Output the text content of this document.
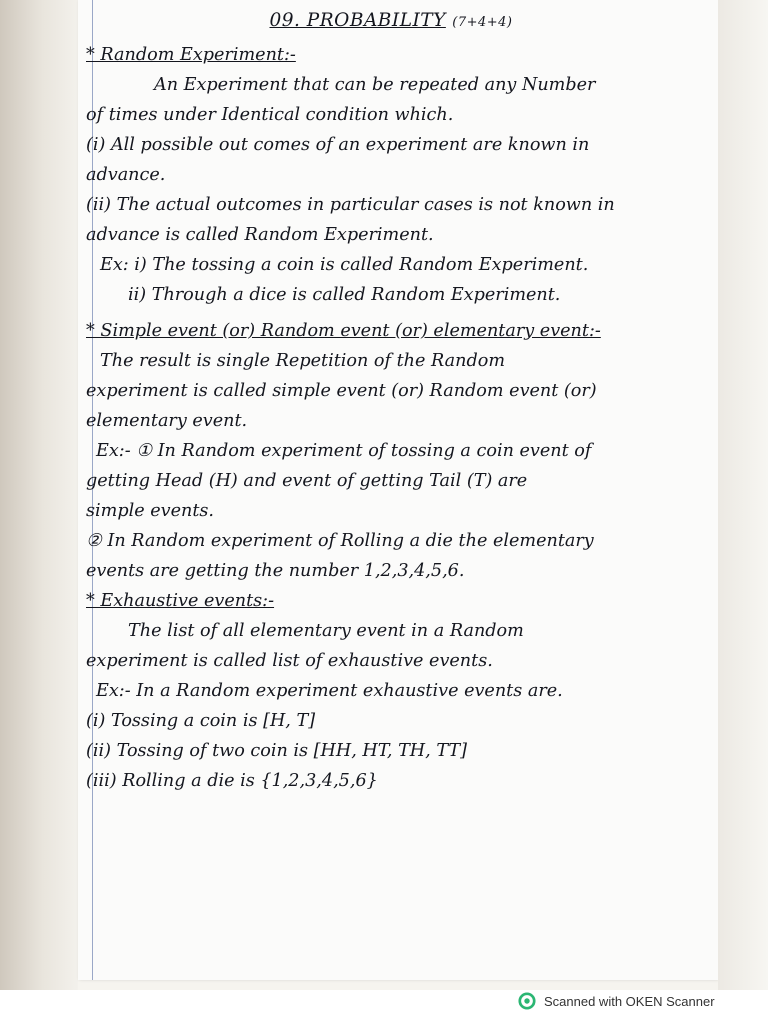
09. PROBABILITY (7+4+4)
* Random Experiment:-
An Experiment that can be repeated any Number
of times under Identical condition which.
(i) All possible out comes of an experiment are known in
advance.
(ii) The actual outcomes in particular cases is not known in
advance is called Random Experiment.
Ex: i) The tossing a coin is called Random Experiment.
ii) Through a dice is called Random Experiment.
* Simple event (or) Random event (or) elementary event:-
The result is single Repetition of the Random
experiment is called simple event (or) Random event (or)
elementary event.
Ex:- ① In Random experiment of tossing a coin event of
getting Head (H) and event of getting Tail (T) are
simple events.
② In Random experiment of Rolling a die the elementary
events are getting the number 1,2,3,4,5,6.
* Exhaustive events:-
The list of all elementary event in a Random
experiment is called list of exhaustive events.
Ex:- In a Random experiment exhaustive events are.
(i) Tossing a coin is [H, T]
(ii) Tossing of two coin is [HH, HT, TH, TT]
(iii) Rolling a die is {1,2,3,4,5,6}
Scanned with OKEN Scanner
